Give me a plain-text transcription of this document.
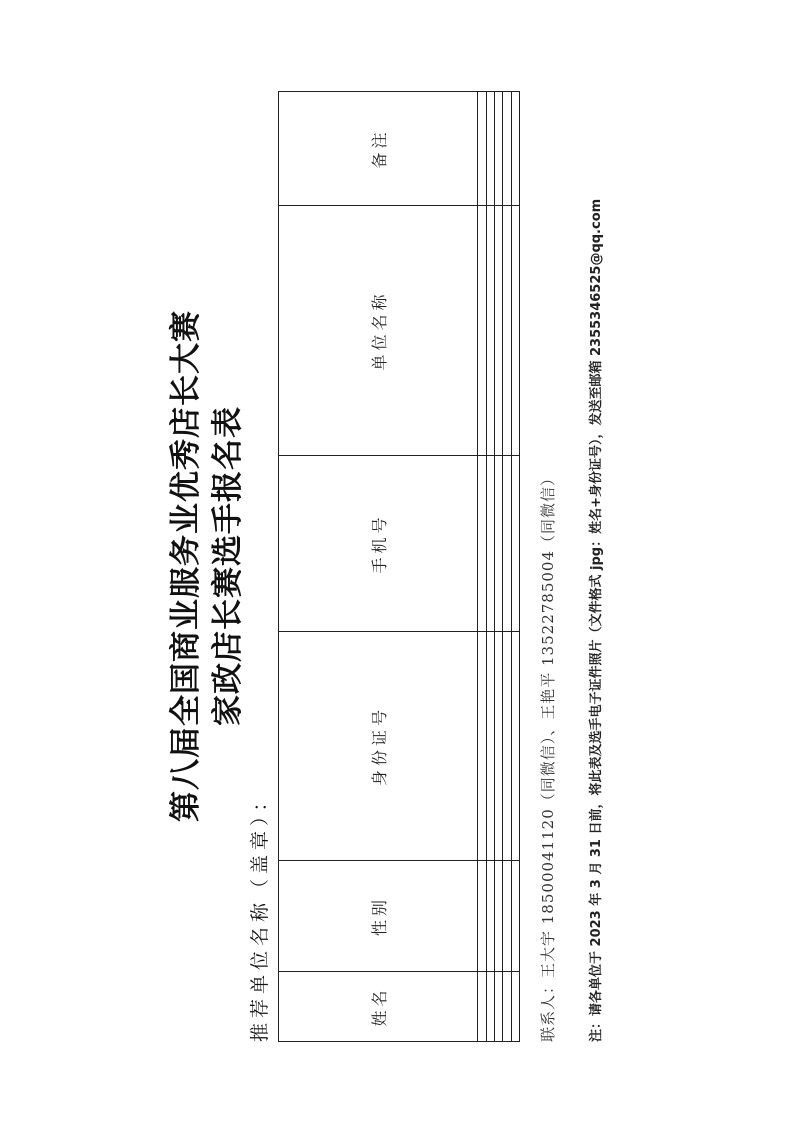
第八届全国商业服务业优秀店长大赛 家政店长赛选手报名表
推荐单位名称（盖章）：	姓名	性别	身份证号	手机号	单位名称	备注

联系人：王大宇 18500041120（同微信）、王艳平 13522785004（同微信）	注：请各单位于 2023 年 3 月 31 日前，将此表及选手电子证件照片（文件格式 jpg：姓名+身份证号），发送至邮箱 2355346525@qq.com
